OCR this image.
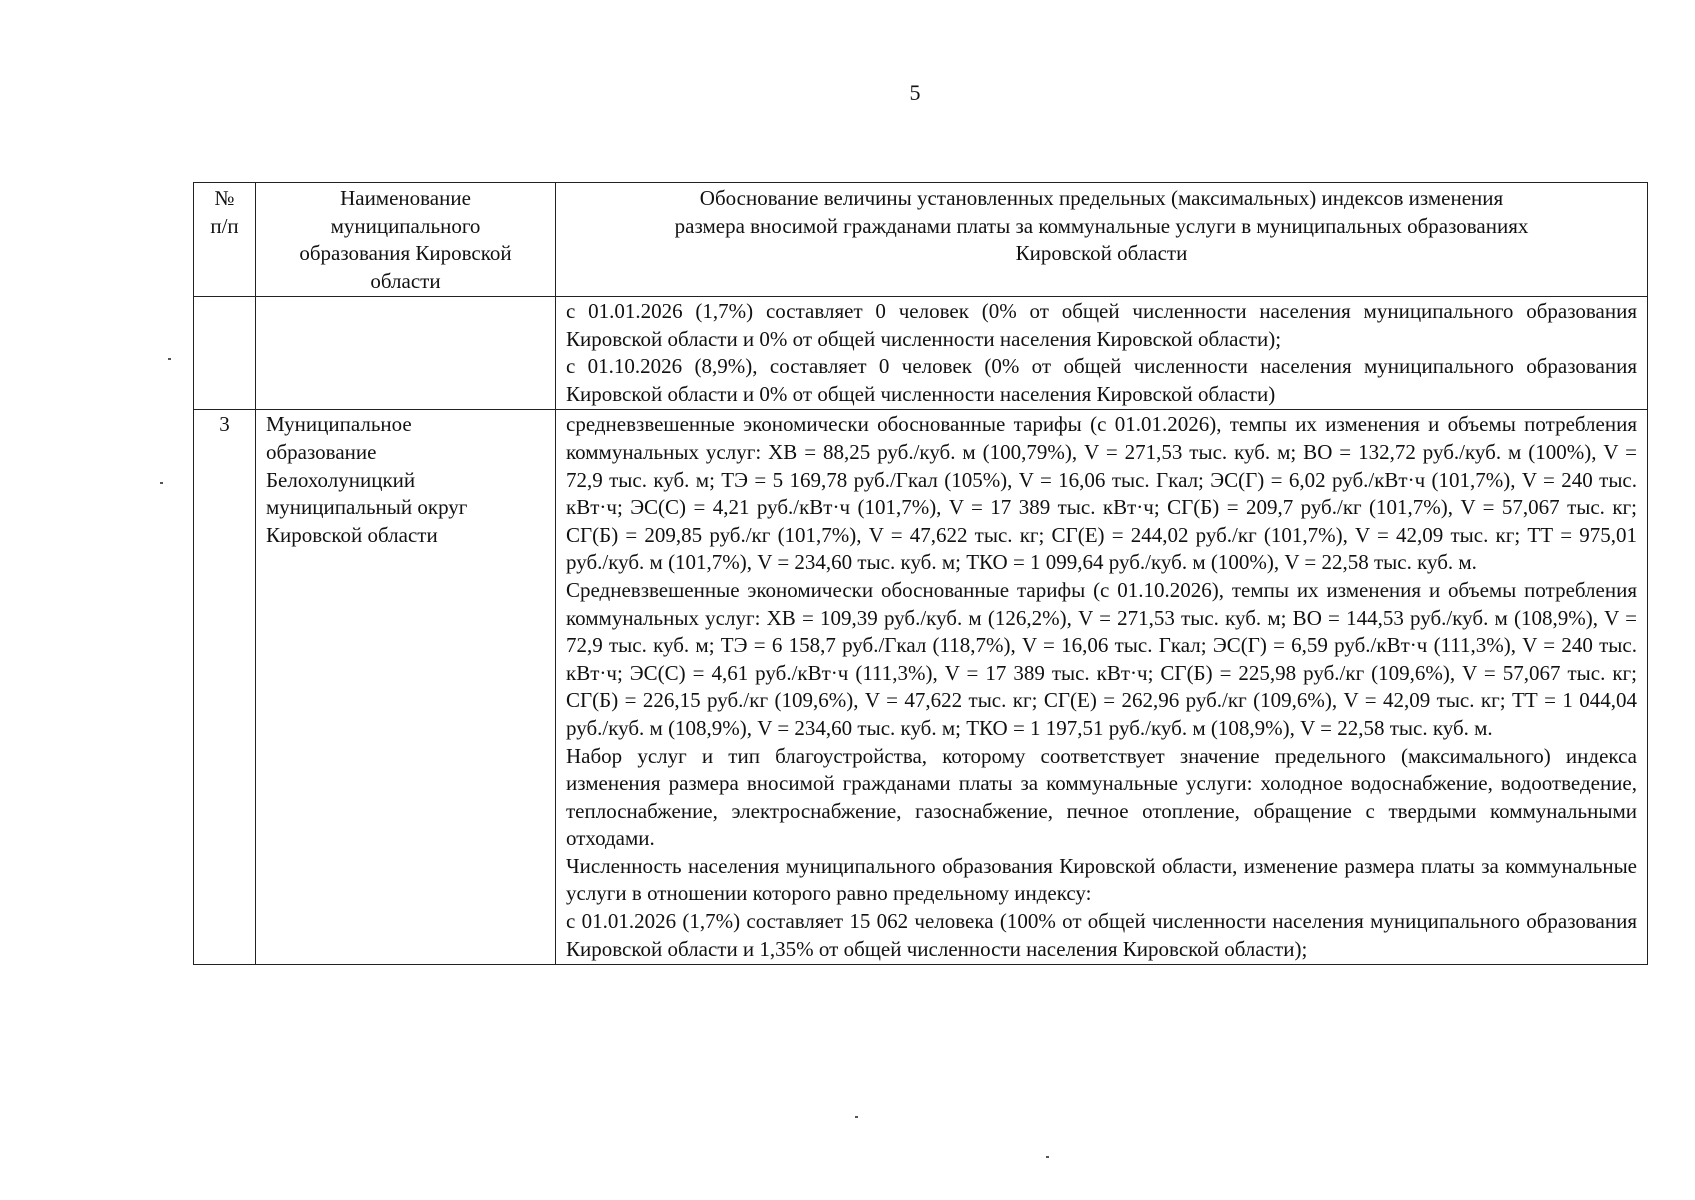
5
№ п/п	Наименование муниципального образования Кировской области	Обоснование величины установленных предельных (максимальных) индексов изменения размера вносимой гражданами платы за коммунальные услуги в муниципальных образованиях Кировской области

		с 01.01.2026 (1,7%) составляет 0 человек (0% от общей численности населения муниципального образования Кировской области и 0% от общей численности населения Кировской области);
с 01.10.2026 (8,9%), составляет 0 человек (0% от общей численности населения муниципального образования Кировской области и 0% от общей численности населения Кировской области)

3	Муниципальное образование Белохолуницкий муниципальный округ Кировской области	средневзвешенные экономически обоснованные тарифы (с 01.01.2026), темпы их изменения и объемы потребления коммунальных услуг: ХВ = 88,25 руб./куб. м (100,79%), V = 271,53 тыс. куб. м; ВО = 132,72 руб./куб. м (100%), V = 72,9 тыс. куб. м; ТЭ = 5 169,78 руб./Гкал (105%), V = 16,06 тыс. Гкал; ЭС(Г) = 6,02 руб./кВт·ч (101,7%), V = 240 тыс. кВт·ч; ЭС(С) = 4,21 руб./кВт·ч (101,7%), V = 17 389 тыс. кВт·ч; СГ(Б) = 209,7 руб./кг (101,7%), V = 57,067 тыс. кг; СГ(Б) = 209,85 руб./кг (101,7%), V = 47,622 тыс. кг; СГ(Е) = 244,02 руб./кг (101,7%), V = 42,09 тыс. кг; ТТ = 975,01 руб./куб. м (101,7%), V = 234,60 тыс. куб. м; ТКО = 1 099,64 руб./куб. м (100%), V = 22,58 тыс. куб. м.
Средневзвешенные экономически обоснованные тарифы (с 01.10.2026), темпы их изменения и объемы потребления коммунальных услуг: ХВ = 109,39 руб./куб. м (126,2%), V = 271,53 тыс. куб. м; ВО = 144,53 руб./куб. м (108,9%), V = 72,9 тыс. куб. м; ТЭ = 6 158,7 руб./Гкал (118,7%), V = 16,06 тыс. Гкал; ЭС(Г) = 6,59 руб./кВт·ч (111,3%), V = 240 тыс. кВт·ч; ЭС(С) = 4,61 руб./кВт·ч (111,3%), V = 17 389 тыс. кВт·ч; СГ(Б) = 225,98 руб./кг (109,6%), V = 57,067 тыс. кг; СГ(Б) = 226,15 руб./кг (109,6%), V = 47,622 тыс. кг; СГ(Е) = 262,96 руб./кг (109,6%), V = 42,09 тыс. кг; ТТ = 1 044,04 руб./куб. м (108,9%), V = 234,60 тыс. куб. м; ТКО = 1 197,51 руб./куб. м (108,9%), V = 22,58 тыс. куб. м.
Набор услуг и тип благоустройства, которому соответствует значение предельного (максимального) индекса изменения размера вносимой гражданами платы за коммунальные услуги: холодное водоснабжение, водоотведение, теплоснабжение, электроснабжение, газоснабжение, печное отопление, обращение с твердыми коммунальными отходами.
Численность населения муниципального образования Кировской области, изменение размера платы за коммунальные услуги в отношении которого равно предельному индексу:
с 01.01.2026 (1,7%) составляет 15 062 человека (100% от общей численности населения муниципального образования Кировской области и 1,35% от общей численности населения Кировской области);
